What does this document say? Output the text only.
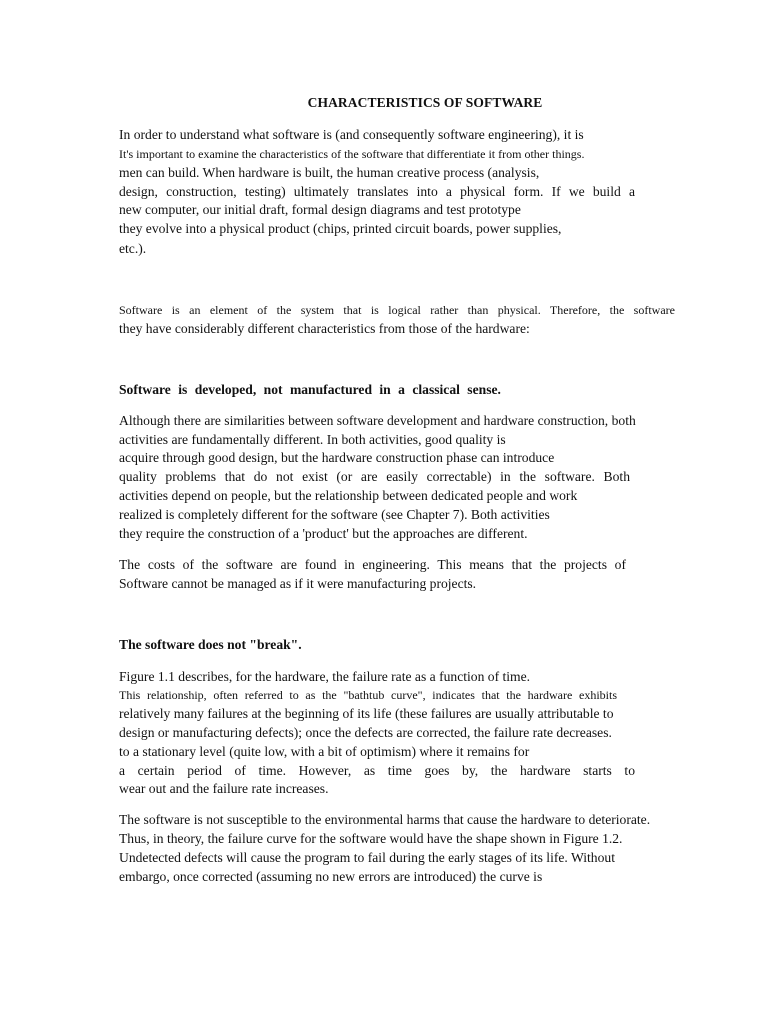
CHARACTERISTICS OF SOFTWARE
In order to understand what software is (and consequently software engineering), it is
It's important to examine the characteristics of the software that differentiate it from other things.
men can build. When hardware is built, the human creative process (analysis,
design, construction, testing) ultimately translates into a physical form. If we build a
new computer, our initial draft, formal design diagrams and test prototype
they evolve into a physical product (chips, printed circuit boards, power supplies,
etc.).
Software is an element of the system that is logical rather than physical. Therefore, the software
they have considerably different characteristics from those of the hardware:
Software is developed, not manufactured in a classical sense.
Although there are similarities between software development and hardware construction, both
activities are fundamentally different. In both activities, good quality is
acquire through good design, but the hardware construction phase can introduce
quality problems that do not exist (or are easily correctable) in the software. Both
activities depend on people, but the relationship between dedicated people and work
realized is completely different for the software (see Chapter 7). Both activities
they require the construction of a 'product' but the approaches are different.
The costs of the software are found in engineering. This means that the projects of
Software cannot be managed as if it were manufacturing projects.
The software does not "break".
Figure 1.1 describes, for the hardware, the failure rate as a function of time.
This relationship, often referred to as the "bathtub curve", indicates that the hardware exhibits
relatively many failures at the beginning of its life (these failures are usually attributable to
design or manufacturing defects); once the defects are corrected, the failure rate decreases.
to a stationary level (quite low, with a bit of optimism) where it remains for
a certain period of time. However, as time goes by, the hardware starts to
wear out and the failure rate increases.
The software is not susceptible to the environmental harms that cause the hardware to deteriorate.
Thus, in theory, the failure curve for the software would have the shape shown in Figure 1.2.
Undetected defects will cause the program to fail during the early stages of its life. Without
embargo, once corrected (assuming no new errors are introduced) the curve is
